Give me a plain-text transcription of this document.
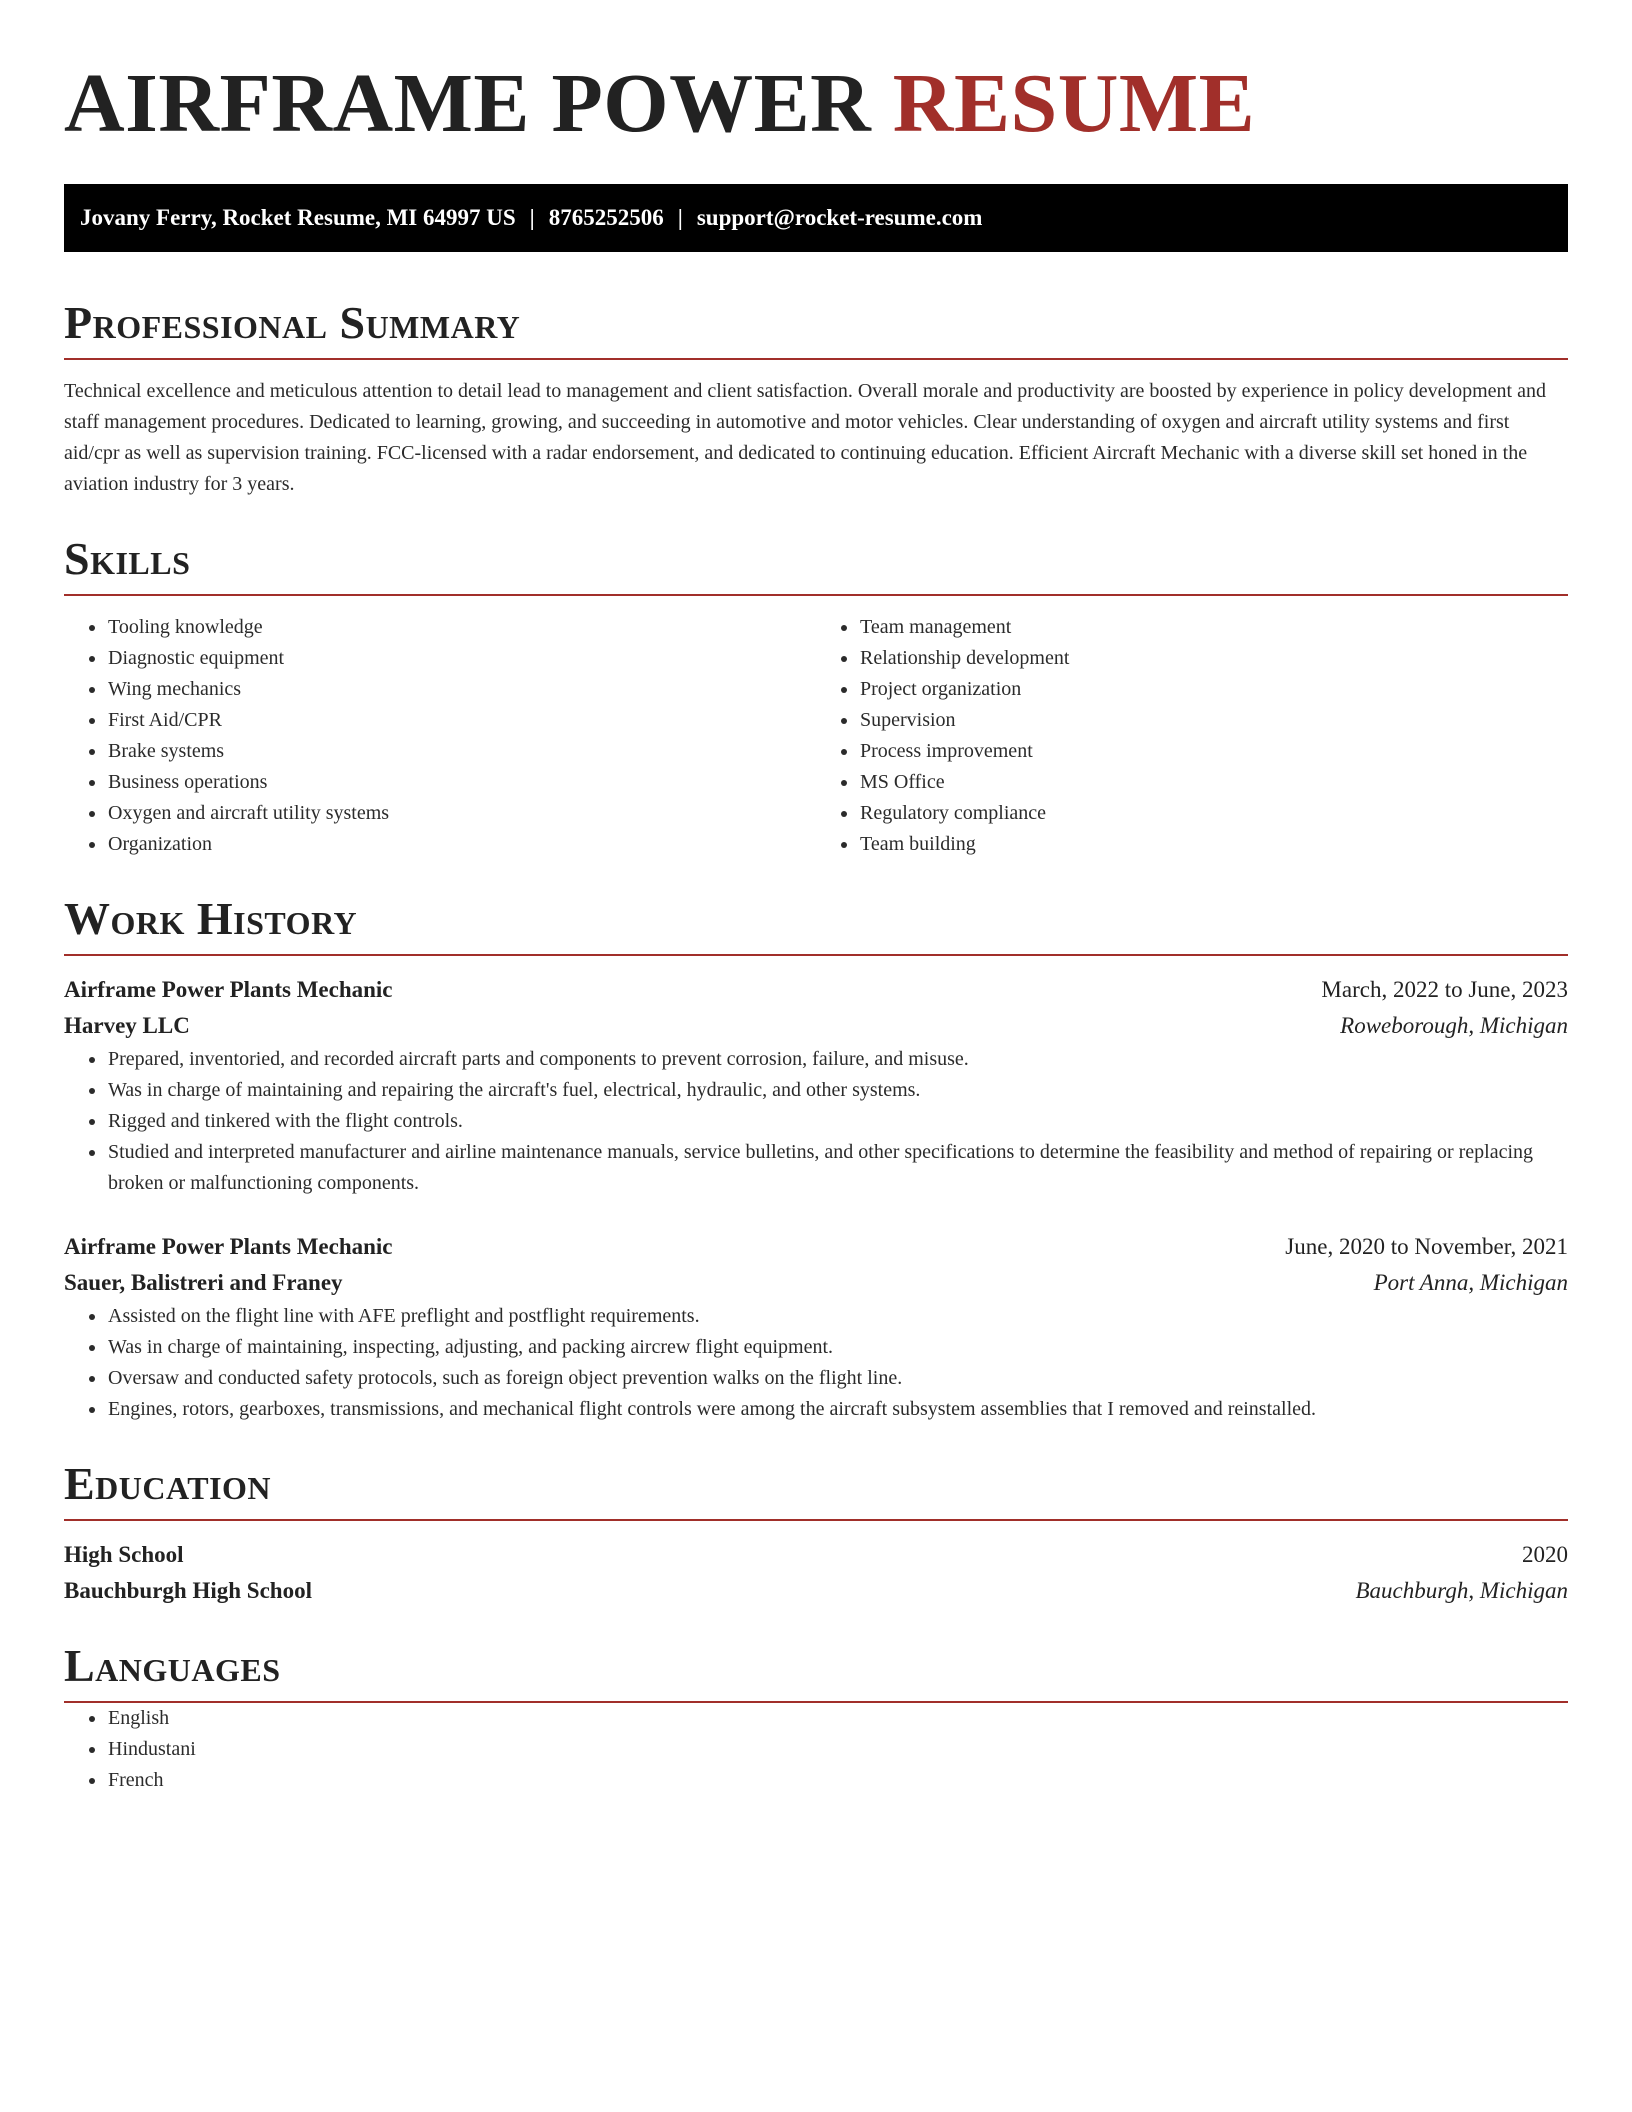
AIRFRAME POWER RESUME
Jovany Ferry, Rocket Resume, MI 64997 US | 8765252506 | support@rocket-resume.com
Professional Summary

Technical excellence and meticulous attention to detail lead to management and client satisfaction. Overall morale and productivity are boosted by experience in policy development and staff management procedures. Dedicated to learning, growing, and succeeding in automotive and motor vehicles. Clear understanding of oxygen and aircraft utility systems and first aid/cpr as well as supervision training. FCC-licensed with a radar endorsement, and dedicated to continuing education. Efficient Aircraft Mechanic with a diverse skill set honed in the aviation industry for 3 years.

Skills
• Tooling knowledge
• Diagnostic equipment
• Wing mechanics
• First Aid/CPR
• Brake systems
• Business operations
• Oxygen and aircraft utility systems
• Organization
• Team management
• Relationship development
• Project organization
• Supervision
• Process improvement
• MS Office
• Regulatory compliance
• Team building
Work History
Airframe Power Plants Mechanic	March, 2022 to June, 2023
Harvey LLC	Roweborough, Michigan
• Prepared, inventoried, and recorded aircraft parts and components to prevent corrosion, failure, and misuse.
• Was in charge of maintaining and repairing the aircraft's fuel, electrical, hydraulic, and other systems.
• Rigged and tinkered with the flight controls.
• Studied and interpreted manufacturer and airline maintenance manuals, service bulletins, and other specifications to determine the feasibility and method of repairing or replacing broken or malfunctioning components.
Airframe Power Plants Mechanic	June, 2020 to November, 2021
Sauer, Balistreri and Franey	Port Anna, Michigan
• Assisted on the flight line with AFE preflight and postflight requirements.
• Was in charge of maintaining, inspecting, adjusting, and packing aircrew flight equipment.
• Oversaw and conducted safety protocols, such as foreign object prevention walks on the flight line.
• Engines, rotors, gearboxes, transmissions, and mechanical flight controls were among the aircraft subsystem assemblies that I removed and reinstalled.
Education
High School	2020
Bauchburgh High School	Bauchburgh, Michigan
Languages
• English
• Hindustani
• French
